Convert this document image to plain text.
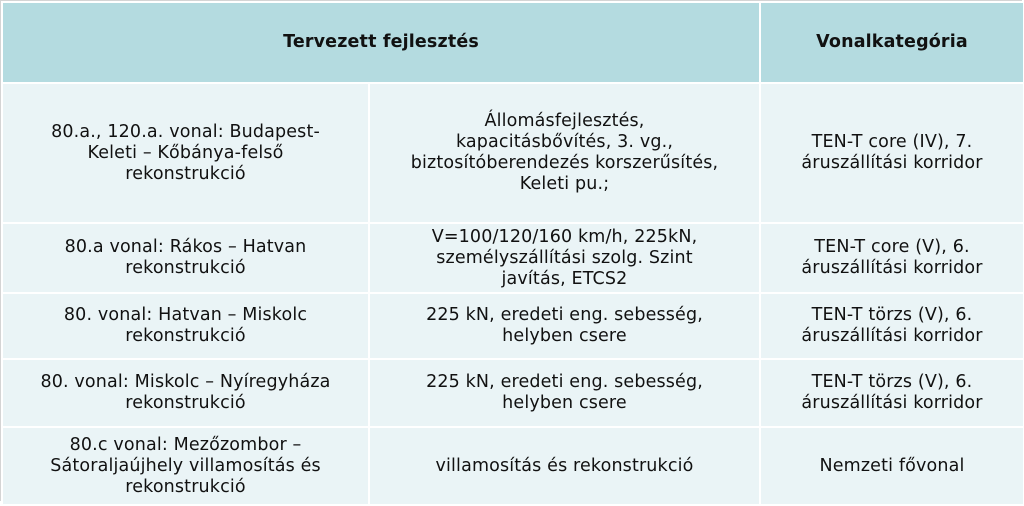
Tervezett fejlesztés		Vonalkategória

80.a., 120.a. vonal: Budapest-
Keleti – Kőbánya-felső
rekonstrukció	Állomásfejlesztés,
kapacitásbővítés, 3. vg.,
biztosítóberendezés korszerűsítés,
Keleti pu.;	TEN-T core (IV), 7.
áruszállítási korridor

80.a vonal: Rákos – Hatvan
rekonstrukció	V=100/120/160 km/h, 225kN,
személyszállítási szolg. Szint
javítás, ETCS2	TEN-T core (V), 6.
áruszállítási korridor

80. vonal: Hatvan – Miskolc
rekonstrukció	225 kN, eredeti eng. sebesség,
helyben csere	TEN-T törzs (V), 6.
áruszállítási korridor

80. vonal: Miskolc – Nyíregyháza
rekonstrukció	225 kN, eredeti eng. sebesség,
helyben csere	TEN-T törzs (V), 6.
áruszállítási korridor

80.c vonal: Mezőzombor –
Sátoraljaújhely villamosítás és
rekonstrukció	villamosítás és rekonstrukció	Nemzeti fővonal
